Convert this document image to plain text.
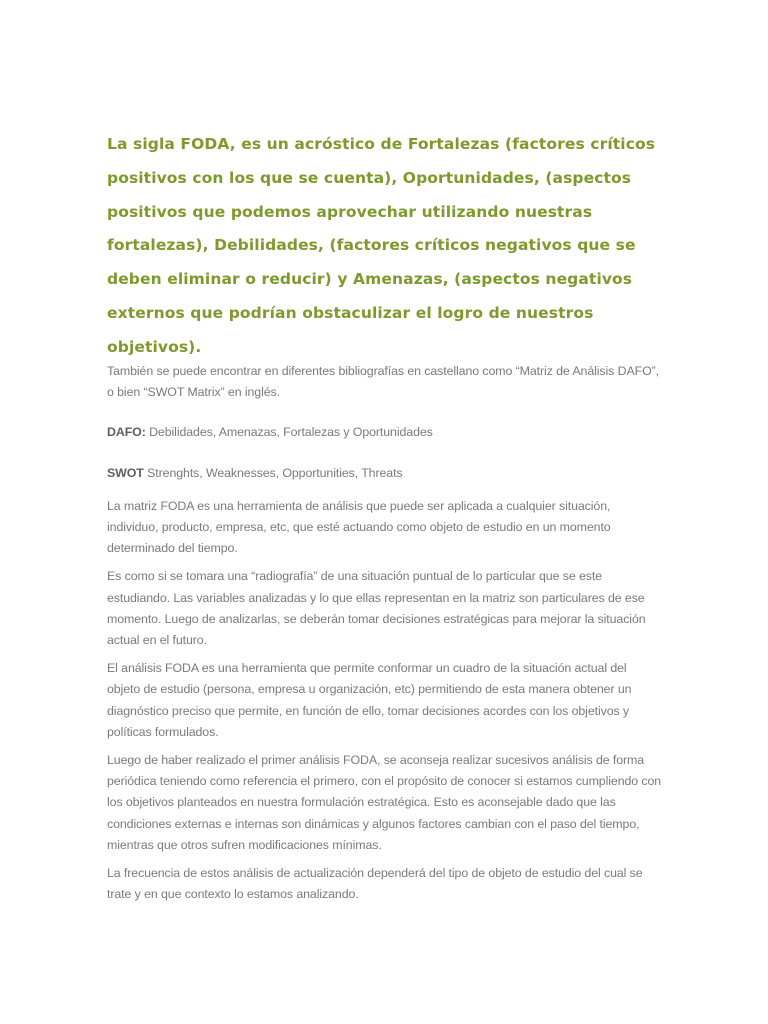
La sigla FODA, es un acróstico de Fortalezas (factores críticos positivos con los que se cuenta), Oportunidades, (aspectos positivos que podemos aprovechar utilizando nuestras fortalezas), Debilidades, (factores críticos negativos que se deben eliminar o reducir) y Amenazas, (aspectos negativos externos que podrían obstaculizar el logro de nuestros objetivos).

También se puede encontrar en diferentes bibliografías en castellano como “Matriz de Análisis DAFO”, o bien “SWOT Matrix” en inglés.

DAFO: Debilidades, Amenazas, Fortalezas y Oportunidades

SWOT Strenghts, Weaknesses, Opportunities, Threats

La matriz FODA es una herramienta de análisis que puede ser aplicada a cualquier situación, individuo, producto, empresa, etc, que esté actuando como objeto de estudio en un momento determinado del tiempo.

Es como si se tomara una “radiografía” de una situación puntual de lo particular que se este estudiando. Las variables analizadas y lo que ellas representan en la matriz son particulares de ese momento. Luego de analizarlas, se deberán tomar decisiones estratégicas para mejorar la situación actual en el futuro.

El análisis FODA es una herramienta que permite conformar un cuadro de la situación actual del objeto de estudio (persona, empresa u organización, etc) permitiendo de esta manera obtener un diagnóstico preciso que permite, en función de ello, tomar decisiones acordes con los objetivos y políticas formulados.

Luego de haber realizado el primer análisis FODA, se aconseja realizar sucesivos análisis de forma periódica teniendo como referencia el primero, con el propósito de conocer si estamos cumpliendo con los objetivos planteados en nuestra formulación estratégica. Esto es aconsejable dado que las condiciones externas e internas son dinámicas y algunos factores cambian con el paso del tiempo, mientras que otros sufren modificaciones mínimas.

La frecuencia de estos análisis de actualización dependerá del tipo de objeto de estudio del cual se trate y en que contexto lo estamos analizando.
